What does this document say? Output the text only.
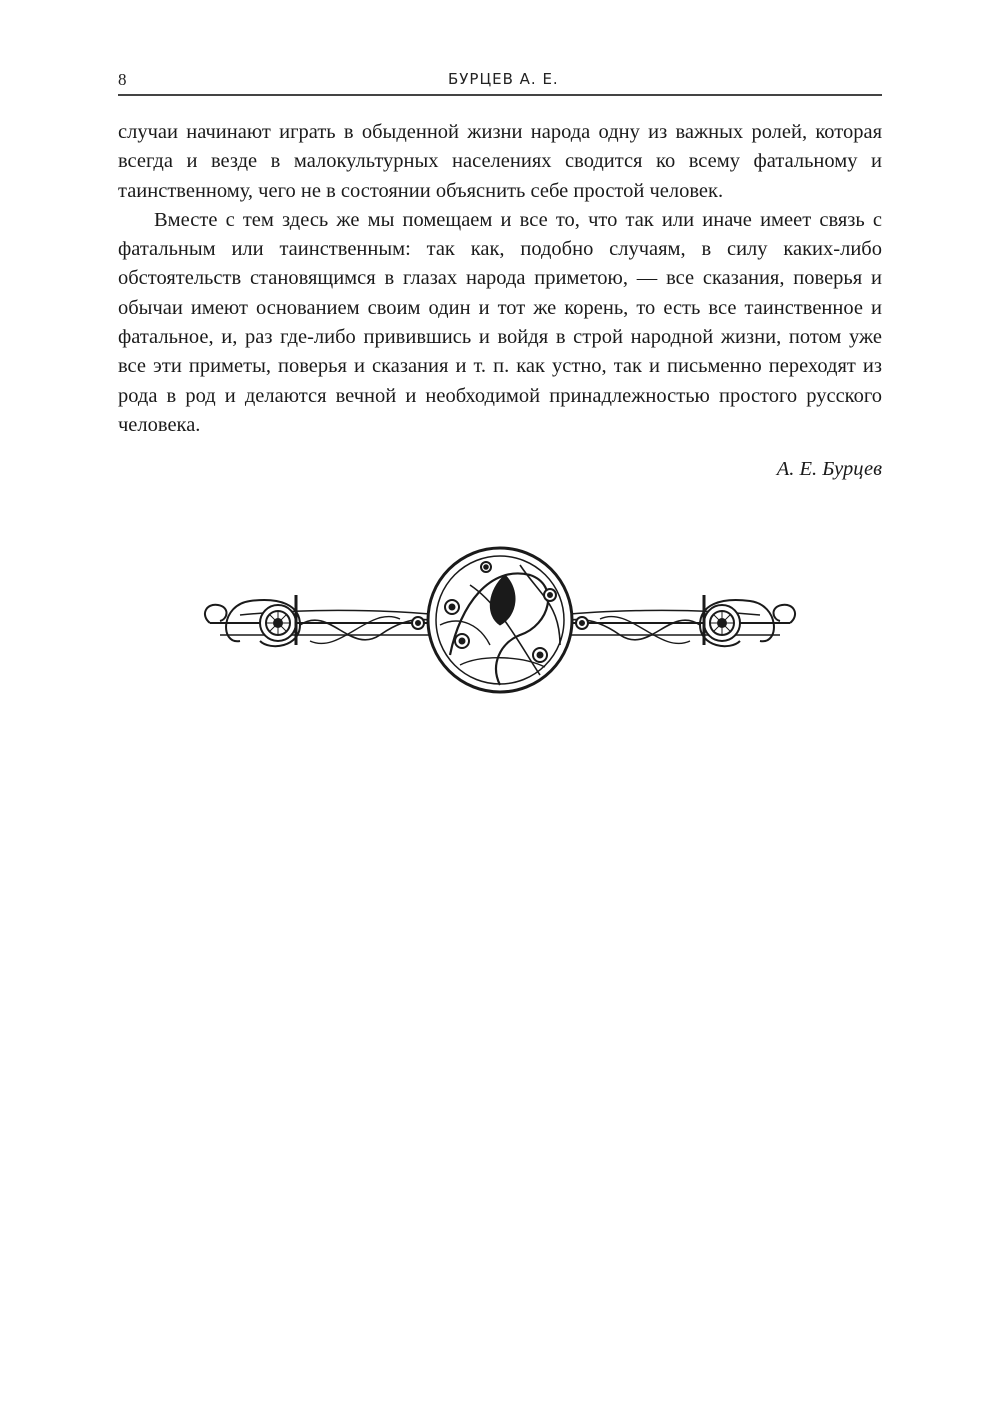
8	БУРЦЕВ А. Е.

случаи начинают играть в обыденной жизни народа одну из важных ролей, которая всегда и везде в малокультурных населениях сводится ко всему фатальному и таинственному, чего не в состоянии объяснить себе простой человек.

Вместе с тем здесь же мы помещаем и все то, что так или иначе имеет связь с фатальным или таинственным: так как, подобно случаям, в силу каких-либо обстоятельств становящимся в глазах народа приметою, — все сказания, поверья и обычаи имеют основанием своим один и тот же корень, то есть все таинственное и фатальное, и, раз где-либо привившись и войдя в строй народной жизни, потом уже все эти приметы, поверья и сказания и т. п. как устно, так и письменно переходят из рода в род и делаются вечной и необходимой принадлежностью простого русского человека.

А. Е. Бурцев
